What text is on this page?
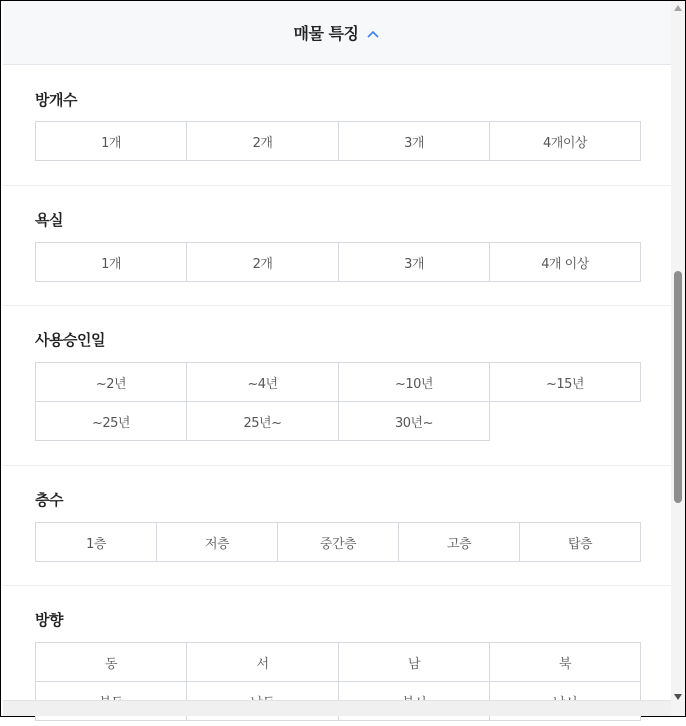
매물 특징
방개수
1개	2개	3개	4개이상
욕실
1개	2개	3개	4개 이상
사용승인일
~2년	~4년	~10년	~15년
~25년	25년~	30년~
층수
1층	저층	중간층	고층	탑층
방향
동	서	남	북
